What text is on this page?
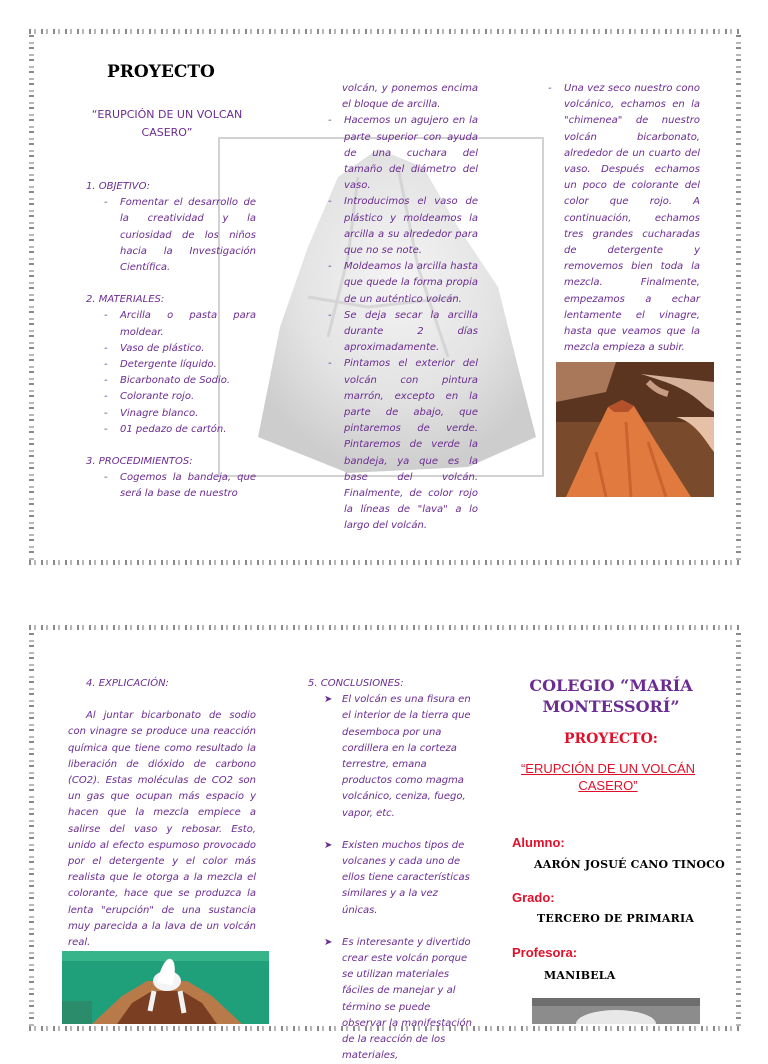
PROYECTO
“ERUPCIÓN DE UN VOLCAN CASERO”
1. OBJETIVO:
- Fomentar el desarrollo de la creatividad y la curiosidad de los niños hacia la Investigación Científica.
2. MATERIALES:
- Arcilla o pasta para moldear.
- Vaso de plástico.
- Detergente líquido.
- Bicarbonato de Sodio.
- Colorante rojo.
- Vinagre blanco.
- 01 pedazo de cartón.
3. PROCEDIMIENTOS:
- Cogemos la bandeja, que será la base de nuestro
volcán, y ponemos encima el bloque de arcilla.
- Hacemos un agujero en la parte superior con ayuda de una cuchara del tamaño del diámetro del vaso.
- Introducimos el vaso de plástico y moldeamos la arcilla a su alrededor para que no se note.
- Moldeamos la arcilla hasta que quede la forma propia de un auténtico volcán.
- Se deja secar la arcilla durante 2 días aproximadamente.
- Pintamos el exterior del volcán con pintura marrón, excepto en la parte de abajo, que pintaremos de verde. Pintaremos de verde la bandeja, ya que es la base del volcán. Finalmente, de color rojo la líneas de "lava" a lo largo del volcán.
- Una vez seco nuestro cono volcánico, echamos en la "chimenea" de nuestro volcán bicarbonato, alrededor de un cuarto del vaso. Después echamos un poco de colorante del color que rojo. A continuación, echamos tres grandes cucharadas de detergente y removemos bien toda la mezcla. Finalmente, empezamos a echar lentamente el vinagre, hasta que veamos que la mezcla empieza a subir.
4. EXPLICACIÓN:
Al juntar bicarbonato de sodio con vinagre se produce una reacción química que tiene como resultado la liberación de dióxido de carbono (CO2). Estas moléculas de CO2 son un gas que ocupan más espacio y hacen que la mezcla empiece a salirse del vaso y rebosar. Esto, unido al efecto espumoso provocado por el detergente y el color más realista que le otorga a la mezcla el colorante, hace que se produzca la lenta "erupción" de una sustancia muy parecida a la lava de un volcán real.
5. CONCLUSIONES:
➤ El volcán es una fisura en el interior de la tierra que desemboca por una cordillera en la corteza terrestre, emana productos como magma volcánico, ceniza, fuego, vapor, etc.
➤ Existen muchos tipos de volcanes y cada uno de ellos tiene características similares y a la vez únicas.
➤ Es interesante y divertido crear este volcán porque se utilizan materiales fáciles de manejar y al término se puede observar la manifestación de la reacción de los materiales,
COLEGIO “MARÍA MONTESSORÍ”
PROYECTO:
“ERUPCIÓN DE UN VOLCÁN CASERO”
Alumno:
AARÓN JOSUÉ CANO TINOCO
Grado:
TERCERO DE PRIMARIA
Profesora:
MANIBELA
